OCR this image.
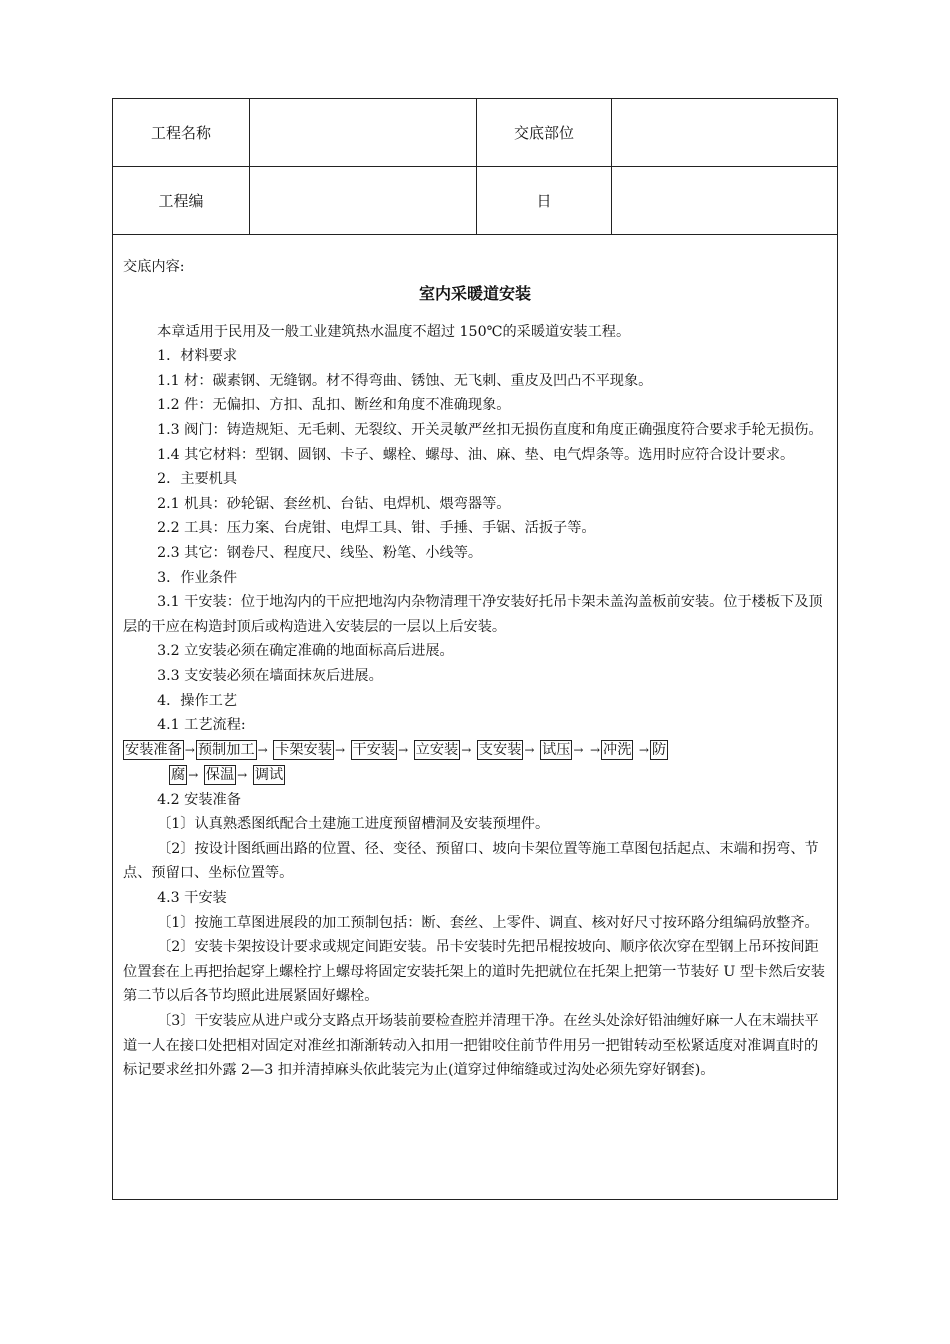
工程名称	交底部位
工程编	日

交底内容:

室内采暖道安装

本章适用于民用及一般工业建筑热水温度不超过 150℃的采暖道安装工程。

1．材料要求

1.1 材：碳素钢、无缝钢。材不得弯曲、锈蚀、无飞刺、重皮及凹凸不平现象。

1.2 件：无偏扣、方扣、乱扣、断丝和角度不准确现象。

1.3 阀门：铸造规矩、无毛刺、无裂纹、开关灵敏严丝扣无损伤直度和角度正确强度符合要求手轮无损伤。

1.4 其它材料：型钢、圆钢、卡子、螺栓、螺母、油、麻、垫、电气焊条等。选用时应符合设计要求。

2．主要机具

2.1 机具：砂轮锯、套丝机、台钻、电焊机、煨弯器等。

2.2 工具：压力案、台虎钳、电焊工具、钳、手捶、手锯、活扳子等。

2.3 其它：钢卷尺、程度尺、线坠、粉笔、小线等。

3．作业条件

3.1 干安装：位于地沟内的干应把地沟内杂物清理干净安装好托吊卡架未盖沟盖板前安装。位于楼板下及顶层的干应在构造封顶后或构造进入安装层的一层以上后安装。

3.2 立安装必须在确定准确的地面标高后进展。

3.3 支安装必须在墙面抹灰后进展。

4．操作工艺

4.1 工艺流程:

安装准备 → 预制加工 → 卡架安装 → 干安装 → 立安装 → 支安装 → 试压 → → 冲洗 → 防

腐 → 保温 → 调试

4.2 安装准备

〔1〕认真熟悉图纸配合土建施工进度预留槽洞及安装预埋件。

〔2〕按设计图纸画出路的位置、径、变径、预留口、坡向卡架位置等施工草图包括起点、末端和拐弯、节点、预留口、坐标位置等。

4.3 干安装

〔1〕按施工草图进展段的加工预制包括：断、套丝、上零件、调直、核对好尺寸按环路分组编码放整齐。

〔2〕安装卡架按设计要求或规定间距安装。吊卡安装时先把吊棍按坡向、顺序依次穿在型钢上吊环按间距位置套在上再把抬起穿上螺栓拧上螺母将固定安装托架上的道时先把就位在托架上把第一节装好 U 型卡然后安装第二节以后各节均照此进展紧固好螺栓。

〔3〕干安装应从进户或分支路点开场装前要检查腔并清理干净。在丝头处涂好铅油缠好麻一人在末端扶平道一人在接口处把相对固定对准丝扣渐渐转动入扣用一把钳咬住前节件用另一把钳转动至松紧适度对准调直时的标记要求丝扣外露 2—3 扣并清掉麻头依此装完为止(道穿过伸缩缝或过沟处必须先穿好钢套)。
